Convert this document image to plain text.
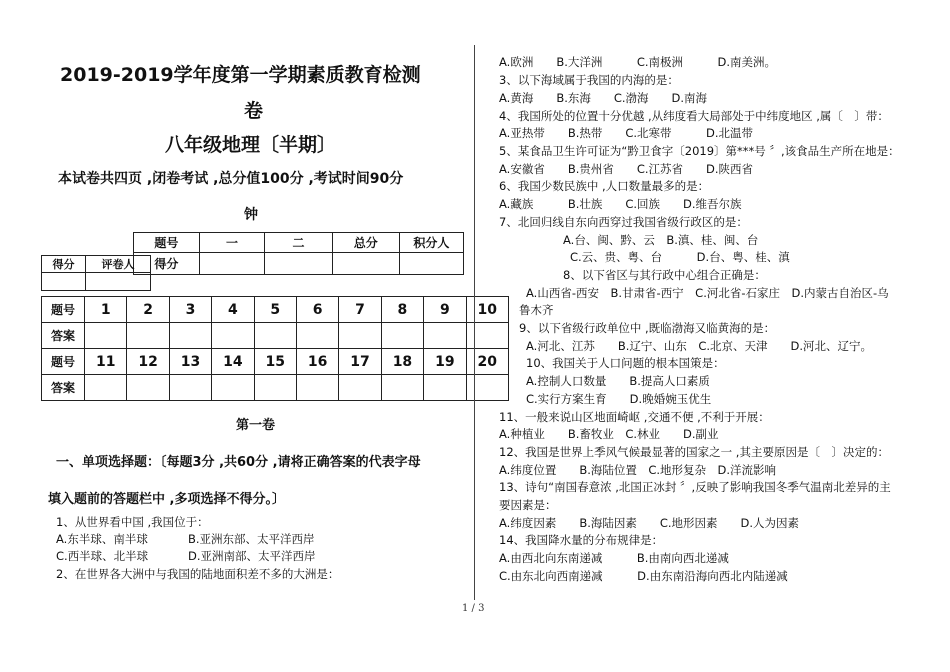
2019-2019学年度第一学期素质教育检测
卷
八年级地理〔半期〕
本试卷共四页 ,闭卷考试 ,总分值100分 ,考试时间90分
钟
题号	一	二	总分	积分人
得分				
得分	评卷人

题号	1	2	3	4	5	6	7	8	9	10
答案										
题号	11	12	13	14	15	16	17	18	19	20
答案										
第一卷
一、单项选择题：〔每题3分 ,共60分 ,请将正确答案的代表字母
填入题前的答题栏中 ,多项选择不得分。〕
1、从世界看中国 ,我国位于：
A.东半球、南半球	B.亚洲东部、太平洋西岸
C.西半球、北半球	D.亚洲南部、太平洋西岸
2、在世界各大洲中与我国的陆地面积差不多的大洲是：
A.欧洲　　B.大洋洲　　　C.南极洲　　　D.南美洲。
3、以下海域属于我国的内海的是：
A.黄海　　B.东海　　C.渤海　　D.南海
4、我国所处的位置十分优越 ,从纬度看大局部处于中纬度地区 ,属〔　〕带：
A.亚热带　　B.热带　　C.北寒带　　　D.北温带
5、某食品卫生许可证为“黔卫食字〔2019〕第***号 〞,该食品生产所在地是：
A.安徽省　　B.贵州省　　C.江苏省　　D.陕西省
6、我国少数民族中 ,人口数量最多的是：
A.藏族　　　B.壮族　　C.回族　　D.维吾尔族
7、北回归线自东向西穿过我国省级行政区的是：
A.台、闽、黔、云　B.滇、桂、闽、台
C.云、贵、粤、台　　　D.台、粤、桂、滇
8、以下省区与其行政中心组合正确是：
A.山西省-西安　B.甘肃省-西宁　C.河北省-石家庄　D.内蒙古自治区-乌
鲁木齐
9、以下省级行政单位中 ,既临渤海又临黄海的是：
A.河北、江苏　　B.辽宁、山东　C.北京、天津　　D.河北、辽宁。
10、我国关于人口问题的根本国策是：
A.控制人口数量　　B.提高人口素质
C.实行方案生育　　D.晚婚婉玉优生
11、一般来说山区地面崎岖 ,交通不便 ,不利于开展：
A.种植业　　B.畜牧业　C.林业　　D.副业
12、我国是世界上季风气候最显著的国家之一 ,其主要原因是〔　〕决定的：
A.纬度位置　　B.海陆位置　C.地形复杂　D.洋流影响
13、诗句“南国春意浓 ,北国正冰封 〞,反映了影响我国冬季气温南北差异的主
要因素是：
A.纬度因素　　B.海陆因素　　C.地形因素　　D.人为因素
14、我国降水量的分布规律是：
A.由西北向东南递减　　　B.由南向西北递减
C.由东北向西南递减　　　D.由东南沿海向西北内陆递减
1 / 3
